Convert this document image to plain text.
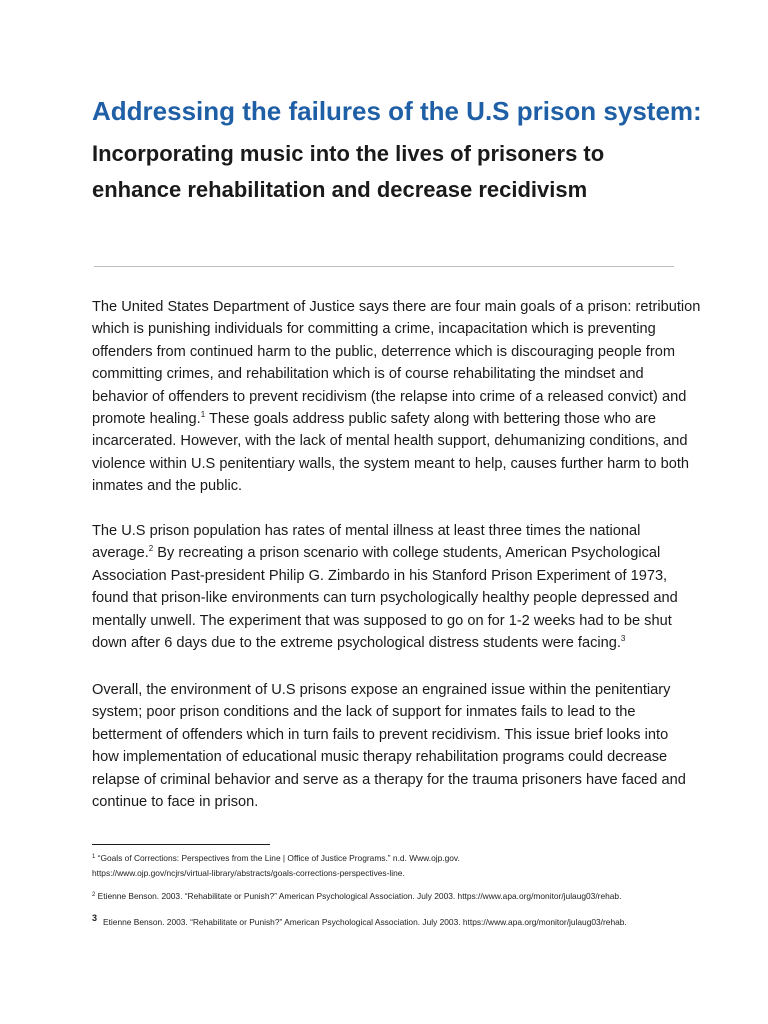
Addressing the failures of the U.S prison system:
Incorporating music into the lives of prisoners to
enhance rehabilitation and decrease recidivism
The United States Department of Justice says there are four main goals of a prison: retribution
which is punishing individuals for committing a crime, incapacitation which is preventing
offenders from continued harm to the public, deterrence which is discouraging people from
committing crimes, and rehabilitation which is of course rehabilitating the mindset and
behavior of offenders to prevent recidivism (the relapse into crime of a released convict) and
promote healing.$^1$ These goals address public safety along with bettering those who are
incarcerated. However, with the lack of mental health support, dehumanizing conditions, and
violence within U.S penitentiary walls, the system meant to help, causes further harm to both
inmates and the public.
The U.S prison population has rates of mental illness at least three times the national
average.$^2$ By recreating a prison scenario with college students, American Psychological
Association Past-president Philip G. Zimbardo in his Stanford Prison Experiment of 1973,
found that prison-like environments can turn psychologically healthy people depressed and
mentally unwell. The experiment that was supposed to go on for 1-2 weeks had to be shut
down after 6 days due to the extreme psychological distress students were facing.$^3$
Overall, the environment of U.S prisons expose an engrained issue within the penitentiary
system; poor prison conditions and the lack of support for inmates fails to lead to the
betterment of offenders which in turn fails to prevent recidivism. This issue brief looks into
how implementation of educational music therapy rehabilitation programs could decrease
relapse of criminal behavior and serve as a therapy for the trauma prisoners have faced and
continue to face in prison.
$^1$ “Goals of Corrections: Perspectives from the Line | Office of Justice Programs.” n.d. Www.ojp.gov.
https://www.ojp.gov/ncjrs/virtual-library/abstracts/goals-corrections-perspectives-line.
$^2$ Etienne Benson. 2003. “Rehabilitate or Punish?” American Psychological Association. July 2003. https://www.apa.org/monitor/julaug03/rehab.
$^3$ Etienne Benson. 2003. “Rehabilitate or Punish?” American Psychological Association. July 2003. https://www.apa.org/monitor/julaug03/rehab.
